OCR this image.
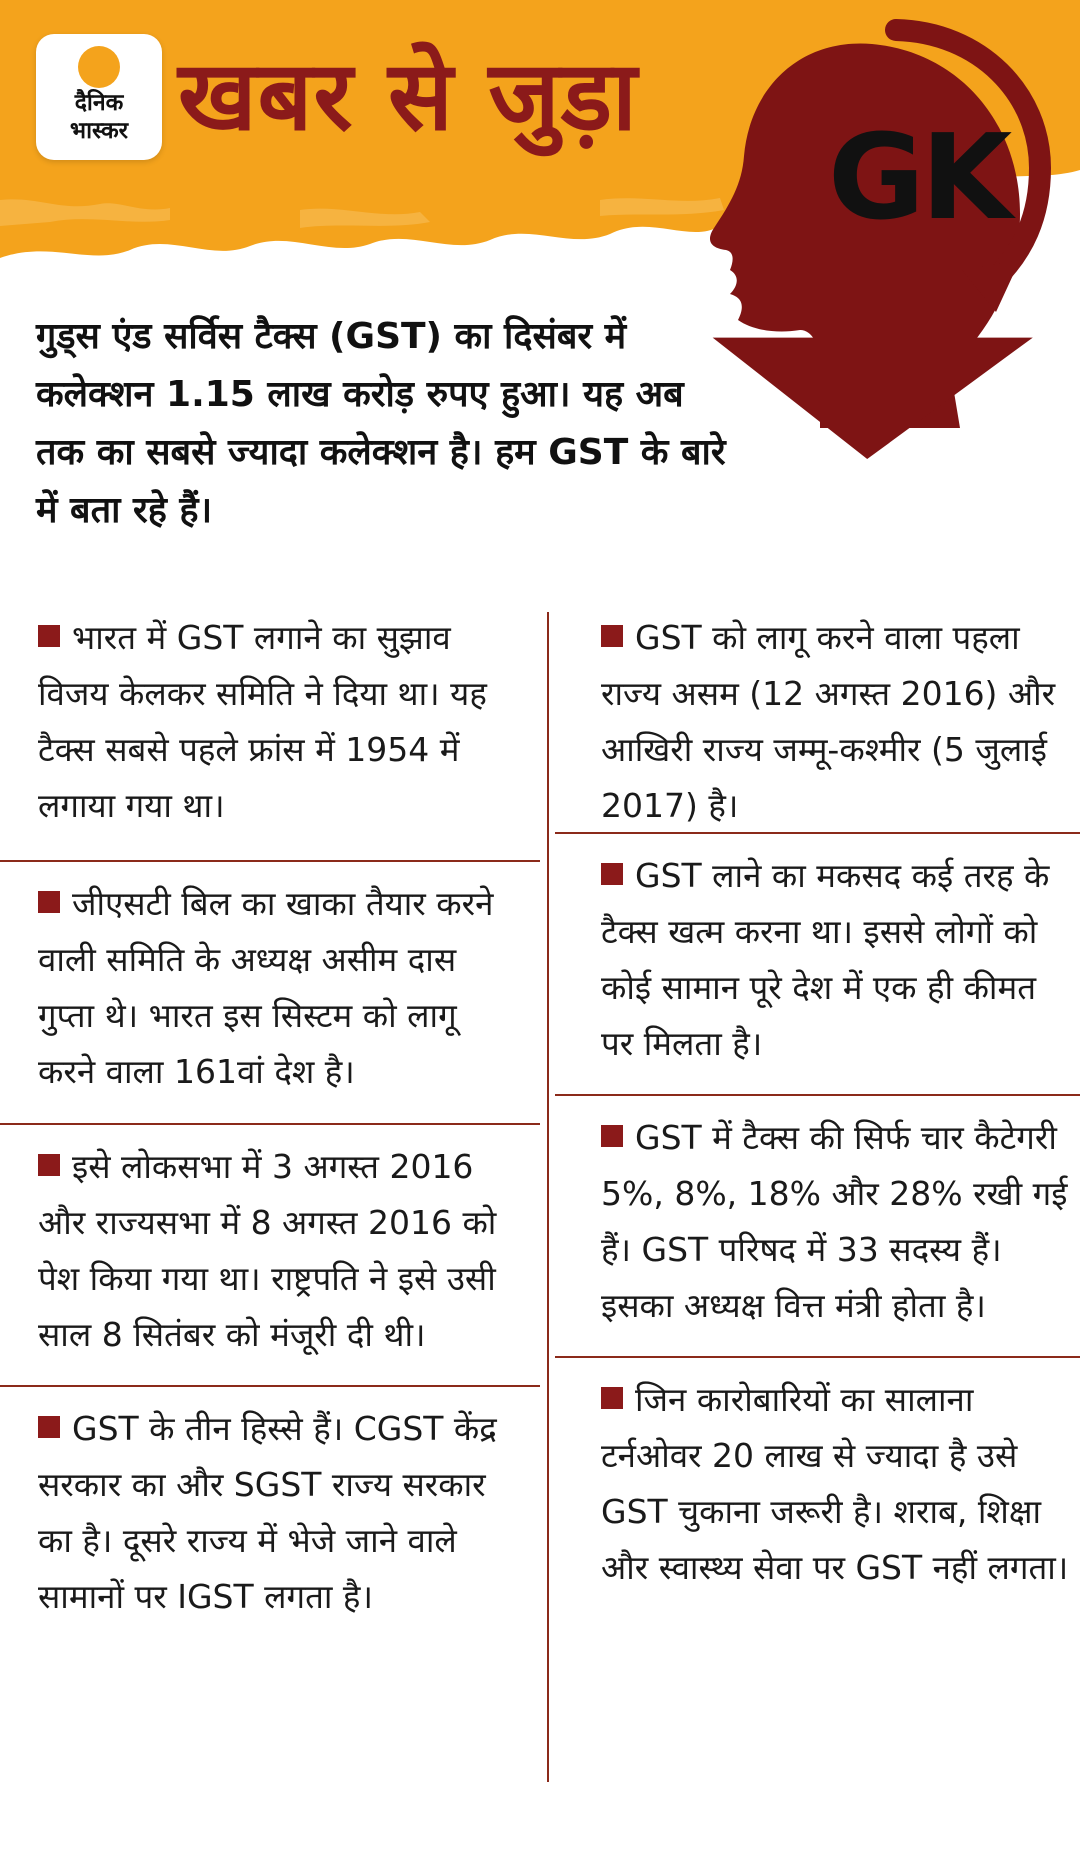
दैनिक
भास्कर खबर से जुड़ा
GK
गुड्स एंड सर्विस टैक्स (GST) का दिसंबर में कलेक्शन 1.15 लाख करोड़ रुपए हुआ। यह अब तक का सबसे ज्यादा कलेक्शन है। हम GST के बारे में बता रहे हैं।
भारत में GST लगाने का सुझाव विजय केलकर समिति ने दिया था। यह टैक्स सबसे पहले फ्रांस में 1954 में लगाया गया था।
जीएसटी बिल का खाका तैयार करने वाली समिति के अध्यक्ष असीम दास गुप्ता थे। भारत इस सिस्टम को लागू करने वाला 161वां देश है।
इसे लोकसभा में 3 अगस्त 2016 और राज्यसभा में 8 अगस्त 2016 को पेश किया गया था। राष्ट्रपति ने इसे उसी साल 8 सितंबर को मंजूरी दी थी।
GST के तीन हिस्से हैं। CGST केंद्र सरकार का और SGST राज्य सरकार का है। दूसरे राज्य में भेजे जाने वाले सामानों पर IGST लगता है।
GST को लागू करने वाला पहला राज्य असम (12 अगस्त 2016) और आखिरी राज्य जम्मू-कश्मीर (5 जुलाई 2017) है।
GST लाने का मकसद कई तरह के टैक्स खत्म करना था। इससे लोगों को कोई सामान पूरे देश में एक ही कीमत पर मिलता है।
GST में टैक्स की सिर्फ चार कैटेगरी 5%, 8%, 18% और 28% रखी गई हैं। GST परिषद में 33 सदस्य हैं। इसका अध्यक्ष वित्त मंत्री होता है।
जिन कारोबारियों का सालाना टर्नओवर 20 लाख से ज्यादा है उसे GST चुकाना जरूरी है। शराब, शिक्षा और स्वास्थ्य सेवा पर GST नहीं लगता।
